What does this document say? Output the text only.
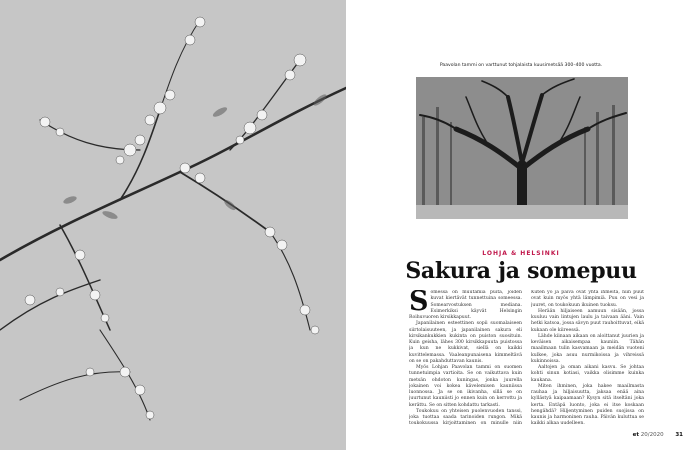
Paavolan tammi on varttunut tohjalaista kuusimetsää 300–400 vuotta.
LOHJA & HELSINKI
Sakura ja somepuu

Somessa on muutamia puita, joiden kuvat kiertävät tunnettuina someessa. Somearvostuksen mediana. Esimerkiksi käyvät Helsingin Roihuvuoren kirsikkapuut.

Japanilainen esteettinen sopii suomalaiseen siirtolaisuuteen, ja japanilainen sakura eli kirsikankukkien kukinta on puiston suosituin. Kuin geisha, lähes 300 kirsikkapuuta puistossa ja kun ne kukkivat, siellä on kaikki kuvittelemassa. Vaaleanpunaisena kimmeltävä on se on pakahduttavan kaunis.

Myös Lohjan Paavolan tammi on suomen tunnetuimpia vartioita. Se on vaikuttava kuin metsän ohdoton kuningas, jonka juurella jokainen voi kokea kävelemisen kauniissa luonnossa. Ja se on ikivanha, sillä se on juurtunut kauniisti jo ennen kuin on kerrottu ja kerättu. Se on sitten kohdattu tarkasti.

Toukokuu on yhteisen puolenvuoden tanssi, joka tuottaa saada tarinoiden rungon. Mikä toukokuussa kirjoittaminen on minulle niin

Kuten yö ja päivä ovat yhtä ihmeitä, niin puut ovat kuin myös yhtä lämpimiä. Puu on vesi ja juuret, on toukokuun ikuinen tuoksu.

Herään hiljaiseen aamuun sisään, jossa kuuluu vain lintujen laulu ja taivaan ääni. Vain hetki katsoa, jossa sävyn puut rauhoittuvat, eikä kukaan ole kiireessä.

Lähde kiinaan aikaan on aloittanut juurien ja keväisen aikaisempaa kauniin. Tähän maailmaan tulin kasvamaan ja meidän vuoteni kulkee, joka asuu nurmikoissa ja vihreissä kukinnoissa.

Aaltojen ja oman aikani kasvu. Se johtaa kohti sinun kotiasi, vaikka olisimme kuinka kaukana.

Miten ihminen, joka hakee maailmasta rauhaa ja hiljaisuutta, jaksaa enää aina kyllästyä kaipaamaan? Kysyn sitä itseltäni joka kerta. Entäpä luonto, joka ei itse koskaan hengähdä? Hiljentyminen puiden suojissa on kaunis ja harmoninen rauha. Päivän kuluttua se kaikki alkaa uudelleen.

et 20/2020 31
